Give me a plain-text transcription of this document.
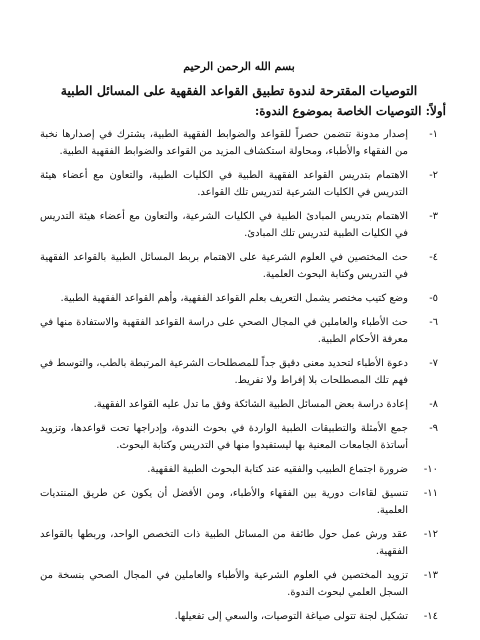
بسم الله الرحمن الرحيم
التوصيات المقترحة لندوة تطبيق القواعد الفقهية على المسائل الطبية
أولاً: التوصيات الخاصة بموضوع الندوة:
١-
إصدار مدونة تتضمن حصراً للقواعد والضوابط الفقهية الطبية، يشترك في إصدارها نخبة من الفقهاء والأطباء، ومحاولة استكشاف المزيد من القواعد والضوابط الفقهية الطبية.
٢-
الاهتمام بتدريس القواعد الفقهية الطبية في الكليات الطبية، والتعاون مع أعضاء هيئة التدريس في الكليات الشرعية لتدريس تلك القواعد.
٣-
الاهتمام بتدريس المبادئ الطبية في الكليات الشرعية، والتعاون مع أعضاء هيئة التدريس في الكليات الطبية لتدريس تلك المبادئ.
٤-
حث المختصين في العلوم الشرعية على الاهتمام بربط المسائل الطبية بالقواعد الفقهية في التدريس وكتابة البحوث العلمية.
٥-
وضع كتيب مختصر يشمل التعريف بعلم القواعد الفقهية، وأهم القواعد الفقهية الطبية.
٦-
حث الأطباء والعاملين في المجال الصحي على دراسة القواعد الفقهية والاستفادة منها في معرفة الأحكام الطبية.
٧-
دعوة الأطباء لتحديد معنى دقيق جداً للمصطلحات الشرعية المرتبطة بالطب، والتوسط في فهم تلك المصطلحات بلا إفراط ولا تفريط.
٨-
إعادة دراسة بعض المسائل الطبية الشائكة وفق ما تدل عليه القواعد الفقهية.
٩-
جمع الأمثلة والتطبيقات الطبية الواردة في بحوث الندوة، وإدراجها تحت قواعدها، وتزويد أساتذة الجامعات المعنية بها ليستفيدوا منها في التدريس وكتابة البحوث.
١٠-
ضرورة اجتماع الطبيب والفقيه عند كتابة البحوث الطبية الفقهية.
١١-
تنسيق لقاءات دورية بين الفقهاء والأطباء، ومن الأفضل أن يكون عن طريق المنتديات العلمية.
١٢-
عقد ورش عمل حول طائفة من المسائل الطبية ذات التخصص الواحد، وربطها بالقواعد الفقهية.
١٣-
تزويد المختصين في العلوم الشرعية والأطباء والعاملين في المجال الصحي بنسخة من السجل العلمي لبحوث الندوة.
١٤-
تشكيل لجنة تتولى صياغة التوصيات، والسعي إلى تفعيلها.
